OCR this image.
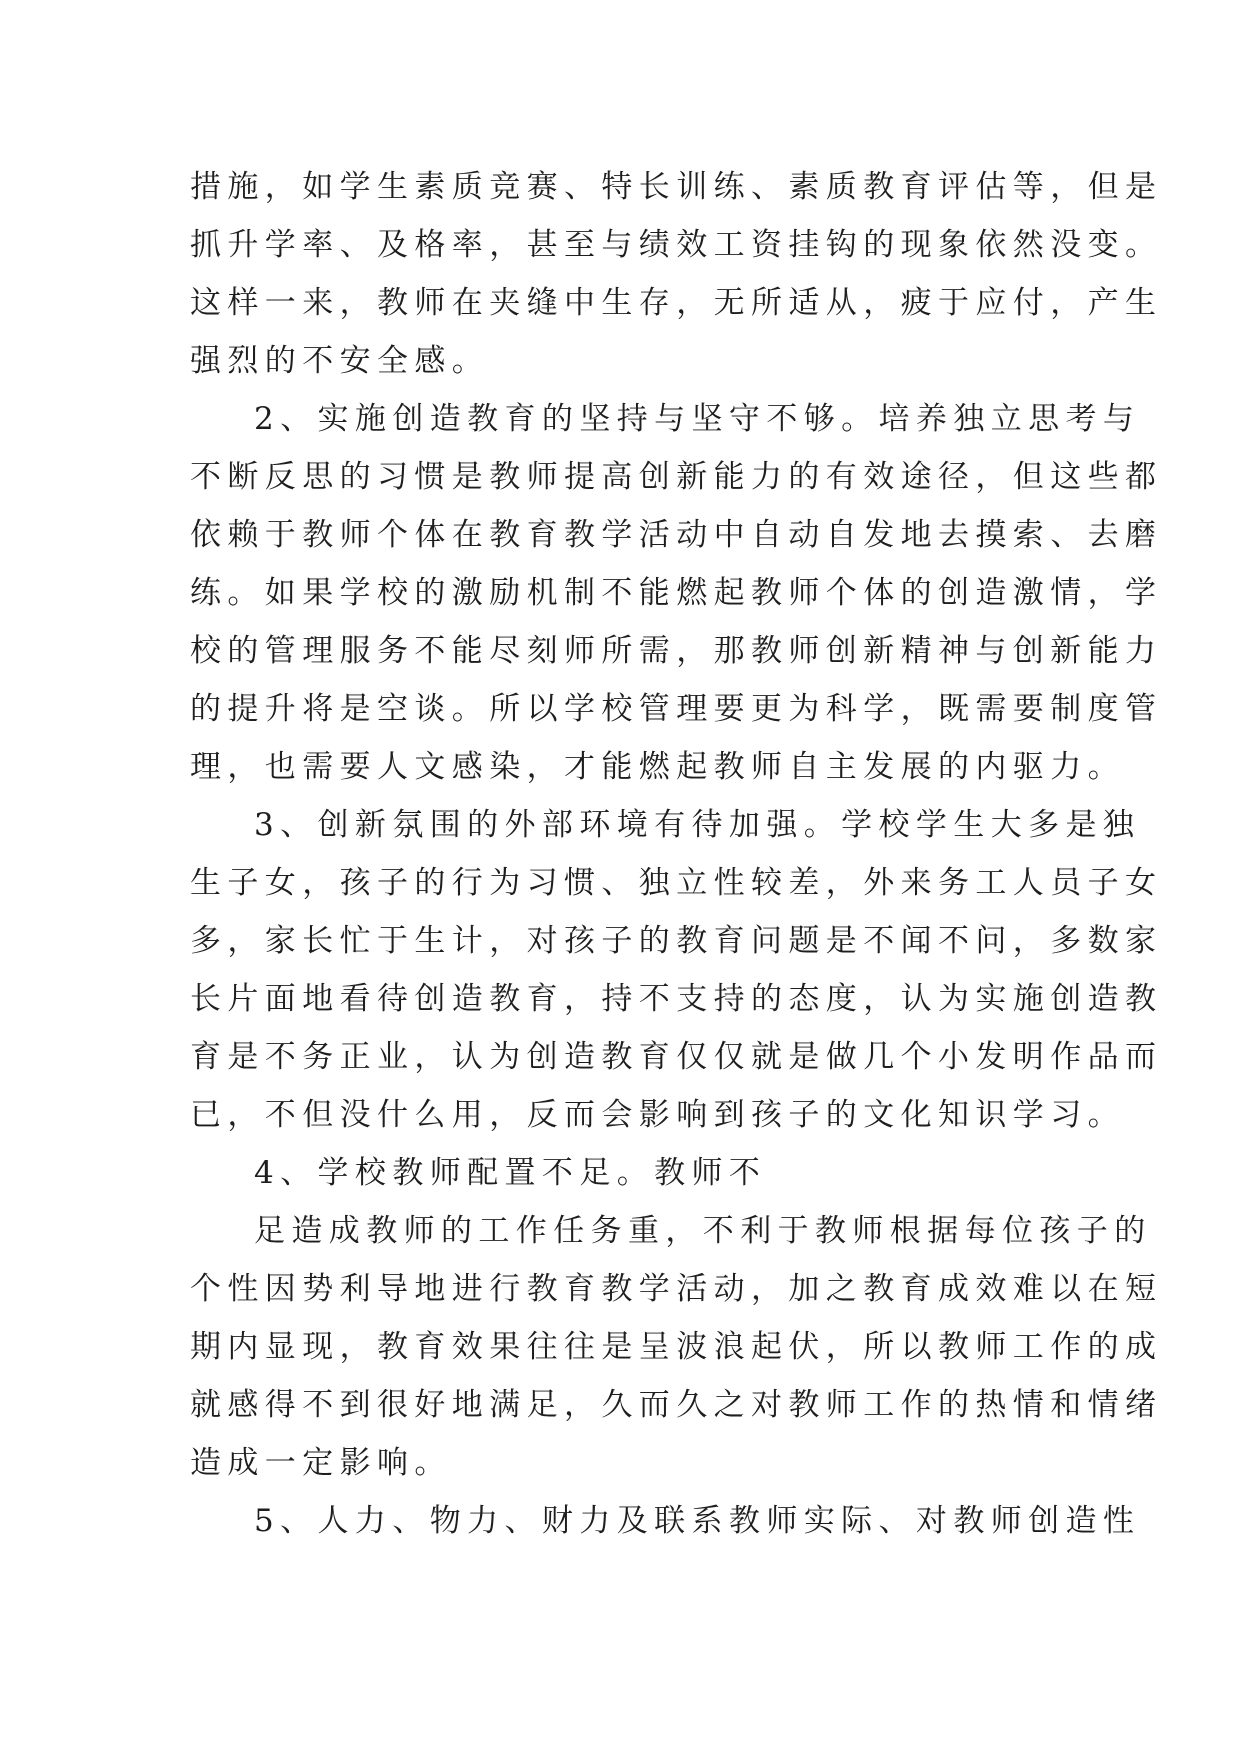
措施，如学生素质竞赛、特长训练、素质教育评估等，但是
抓升学率、及格率，甚至与绩效工资挂钩的现象依然没变。
这样一来，教师在夹缝中生存，无所适从，疲于应付，产生
强烈的不安全感。
2、实施创造教育的坚持与坚守不够。培养独立思考与
不断反思的习惯是教师提高创新能力的有效途径，但这些都
依赖于教师个体在教育教学活动中自动自发地去摸索、去磨
练。如果学校的激励机制不能燃起教师个体的创造激情，学
校的管理服务不能尽刻师所需，那教师创新精神与创新能力
的提升将是空谈。所以学校管理要更为科学，既需要制度管
理，也需要人文感染，才能燃起教师自主发展的内驱力。
3、创新氛围的外部环境有待加强。学校学生大多是独
生子女，孩子的行为习惯、独立性较差，外来务工人员子女
多，家长忙于生计，对孩子的教育问题是不闻不问，多数家
长片面地看待创造教育，持不支持的态度，认为实施创造教
育是不务正业，认为创造教育仅仅就是做几个小发明作品而
已，不但没什么用，反而会影响到孩子的文化知识学习。
4、学校教师配置不足。教师不
足造成教师的工作任务重，不利于教师根据每位孩子的
个性因势利导地进行教育教学活动，加之教育成效难以在短
期内显现，教育效果往往是呈波浪起伏，所以教师工作的成
就感得不到很好地满足，久而久之对教师工作的热情和情绪
造成一定影响。
5、人力、物力、财力及联系教师实际、对教师创造性
